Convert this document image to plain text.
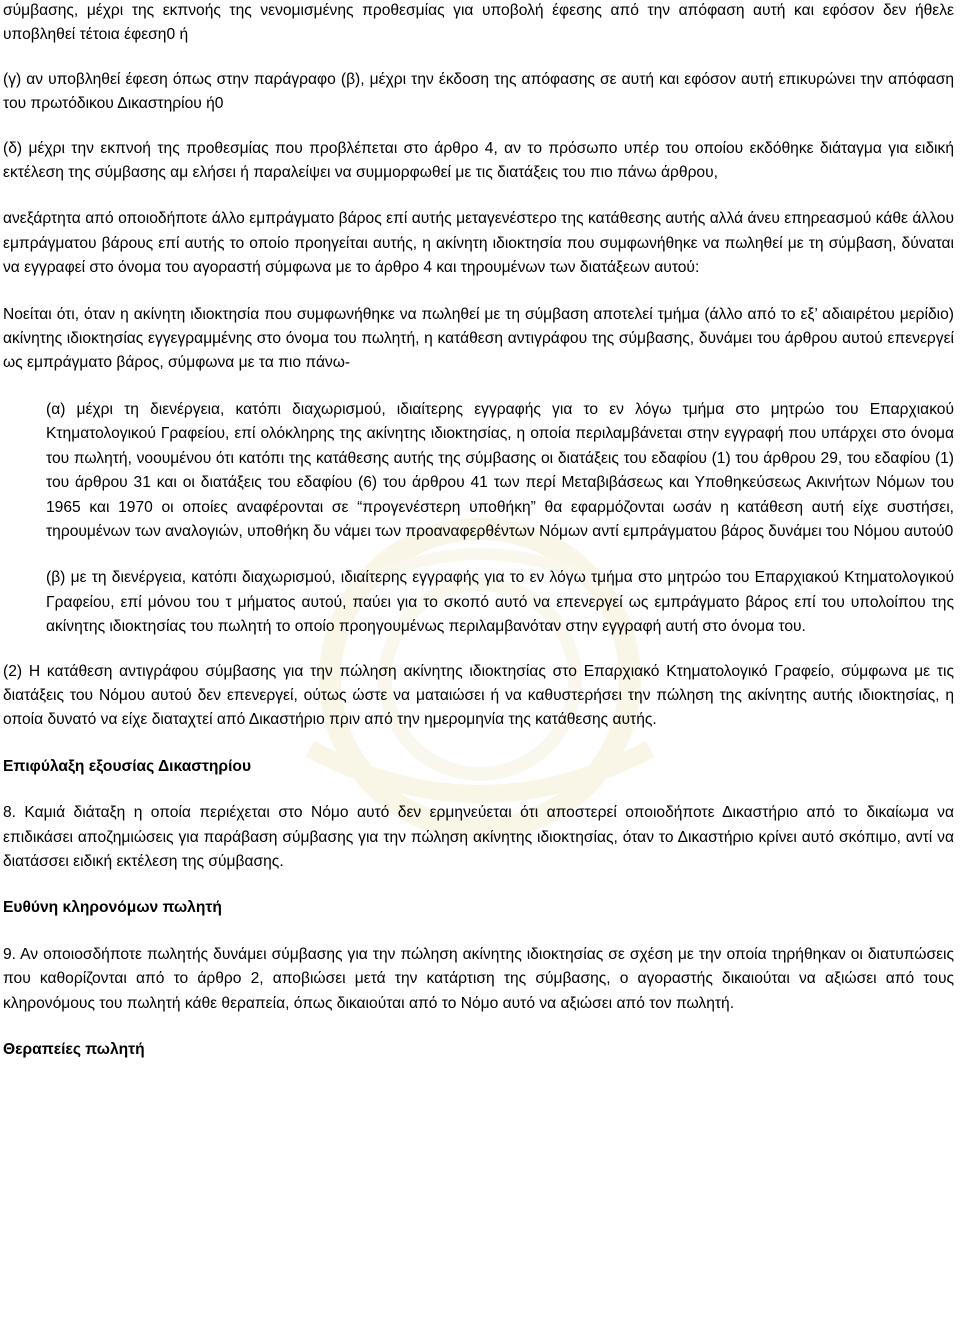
σύμβασης, μέχρι της εκπνοής της νενομισμένης προθεσμίας για υποβολή έφεσης από την απόφαση αυτή και εφόσον δεν ήθελε υποβληθεί τέτοια έφεση0 ή

(γ) αν υποβληθεί έφεση όπως στην παράγραφο (β), μέχρι την έκδοση της απόφασης σε αυτή και εφόσον αυτή επικυρώνει την απόφαση του πρωτόδικου Δικαστηρίου ή0

(δ) μέχρι την εκπνοή της προθεσμίας που προβλέπεται στο άρθρο 4, αν το πρόσωπο υπέρ του οποίου εκδόθηκε διάταγμα για ειδική εκτέλεση της σύμβασης αμ ελήσει ή παραλείψει να συμμορφωθεί με τις διατάξεις του πιο πάνω άρθρου,

ανεξάρτητα από οποιοδήποτε άλλο εμπράγματο βάρος επί αυτής μεταγενέστερο της κατάθεσης αυτής αλλά άνευ επηρεασμού κάθε άλλου εμπράγματου βάρους επί αυτής το οποίο προηγείται αυτής, η ακίνητη ιδιοκτησία που συμφωνήθηκε να πωληθεί με τη σύμβαση, δύναται να εγγραφεί στο όνομα του αγοραστή σύμφωνα με το άρθρο 4 και τηρουμένων των διατάξεων αυτού:

Νοείται ότι, όταν η ακίνητη ιδιοκτησία που συμφωνήθηκε να πωληθεί με τη σύμβαση αποτελεί τμήμα (άλλο από το εξ’ αδιαιρέτου μερίδιο) ακίνητης ιδιοκτησίας εγγεγραμμένης στο όνομα του πωλητή, η κατάθεση αντιγράφου της σύμβασης, δυνάμει του άρθρου αυτού επενεργεί ως εμπράγματο βάρος, σύμφωνα με τα πιο πάνω-

(α) μέχρι τη διενέργεια, κατόπι διαχωρισμού, ιδιαίτερης εγγραφής για το εν λόγω τμήμα στο μητρώο του Επαρχιακού Κτηματολογικού Γραφείου, επί ολόκληρης της ακίνητης ιδιοκτησίας, η οποία περιλαμβάνεται στην εγγραφή που υπάρχει στο όνομα του πωλητή, νοουμένου ότι κατόπι της κατάθεσης αυτής της σύμβασης οι διατάξεις του εδαφίου (1) του άρθρου 29, του εδαφίου (1) του άρθρου 31 και οι διατάξεις του εδαφίου (6) του άρθρου 41 των περί Μεταβιβάσεως και Υποθηκεύσεως Ακινήτων Νόμων του 1965 και 1970 οι οποίες αναφέρονται σε “προγενέστερη υποθήκη” θα εφαρμόζονται ωσάν η κατάθεση αυτή είχε συστήσει, τηρουμένων των αναλογιών, υποθήκη δυ νάμει των προαναφερθέντων Νόμων αντί εμπράγματου βάρος δυνάμει του Νόμου αυτού0

(β) με τη διενέργεια, κατόπι διαχωρισμού, ιδιαίτερης εγγραφής για το εν λόγω τμήμα στο μητρώο του Επαρχιακού Κτηματολογικού Γραφείου, επί μόνου του τ μήματος αυτού, παύει για το σκοπό αυτό να επενεργεί ως εμπράγματο βάρος επί του υπολοίπου της ακίνητης ιδιοκτησίας του πωλητή το οποίο προηγουμένως περιλαμβανόταν στην εγγραφή αυτή στο όνομα του.

(2) Η κατάθεση αντιγράφου σύμβασης για την πώληση ακίνητης ιδιοκτησίας στο Επαρχιακό Κτηματολογικό Γραφείο, σύμφωνα με τις διατάξεις του Νόμου αυτού δεν επενεργεί, ούτως ώστε να ματαιώσει ή να καθυστερήσει την πώληση της ακίνητης αυτής ιδιοκτησίας, η οποία δυνατό να είχε διαταχτεί από Δικαστήριο πριν από την ημερομηνία της κατάθεσης αυτής.

Επιφύλαξη εξουσίας Δικαστηρίου

8. Καμιά διάταξη η οποία περιέχεται στο Νόμο αυτό δεν ερμηνεύεται ότι αποστερεί οποιοδήποτε Δικαστήριο από το δικαίωμα να επιδικάσει αποζημιώσεις για παράβαση σύμβασης για την πώληση ακίνητης ιδιοκτησίας, όταν το Δικαστήριο κρίνει αυτό σκόπιμο, αντί να διατάσσει ειδική εκτέλεση της σύμβασης.

Ευθύνη κληρονόμων πωλητή

9. Αν οποιοσδήποτε πωλητής δυνάμει σύμβασης για την πώληση ακίνητης ιδιοκτησίας σε σχέση με την οποία τηρήθηκαν οι διατυπώσεις που καθορίζονται από το άρθρο 2, αποβιώσει μετά την κατάρτιση της σύμβασης, ο αγοραστής δικαιούται να αξιώσει από τους κληρονόμους του πωλητή κάθε θεραπεία, όπως δικαιούται από το Νόμο αυτό να αξιώσει από τον πωλητή.

Θεραπείες πωλητή
